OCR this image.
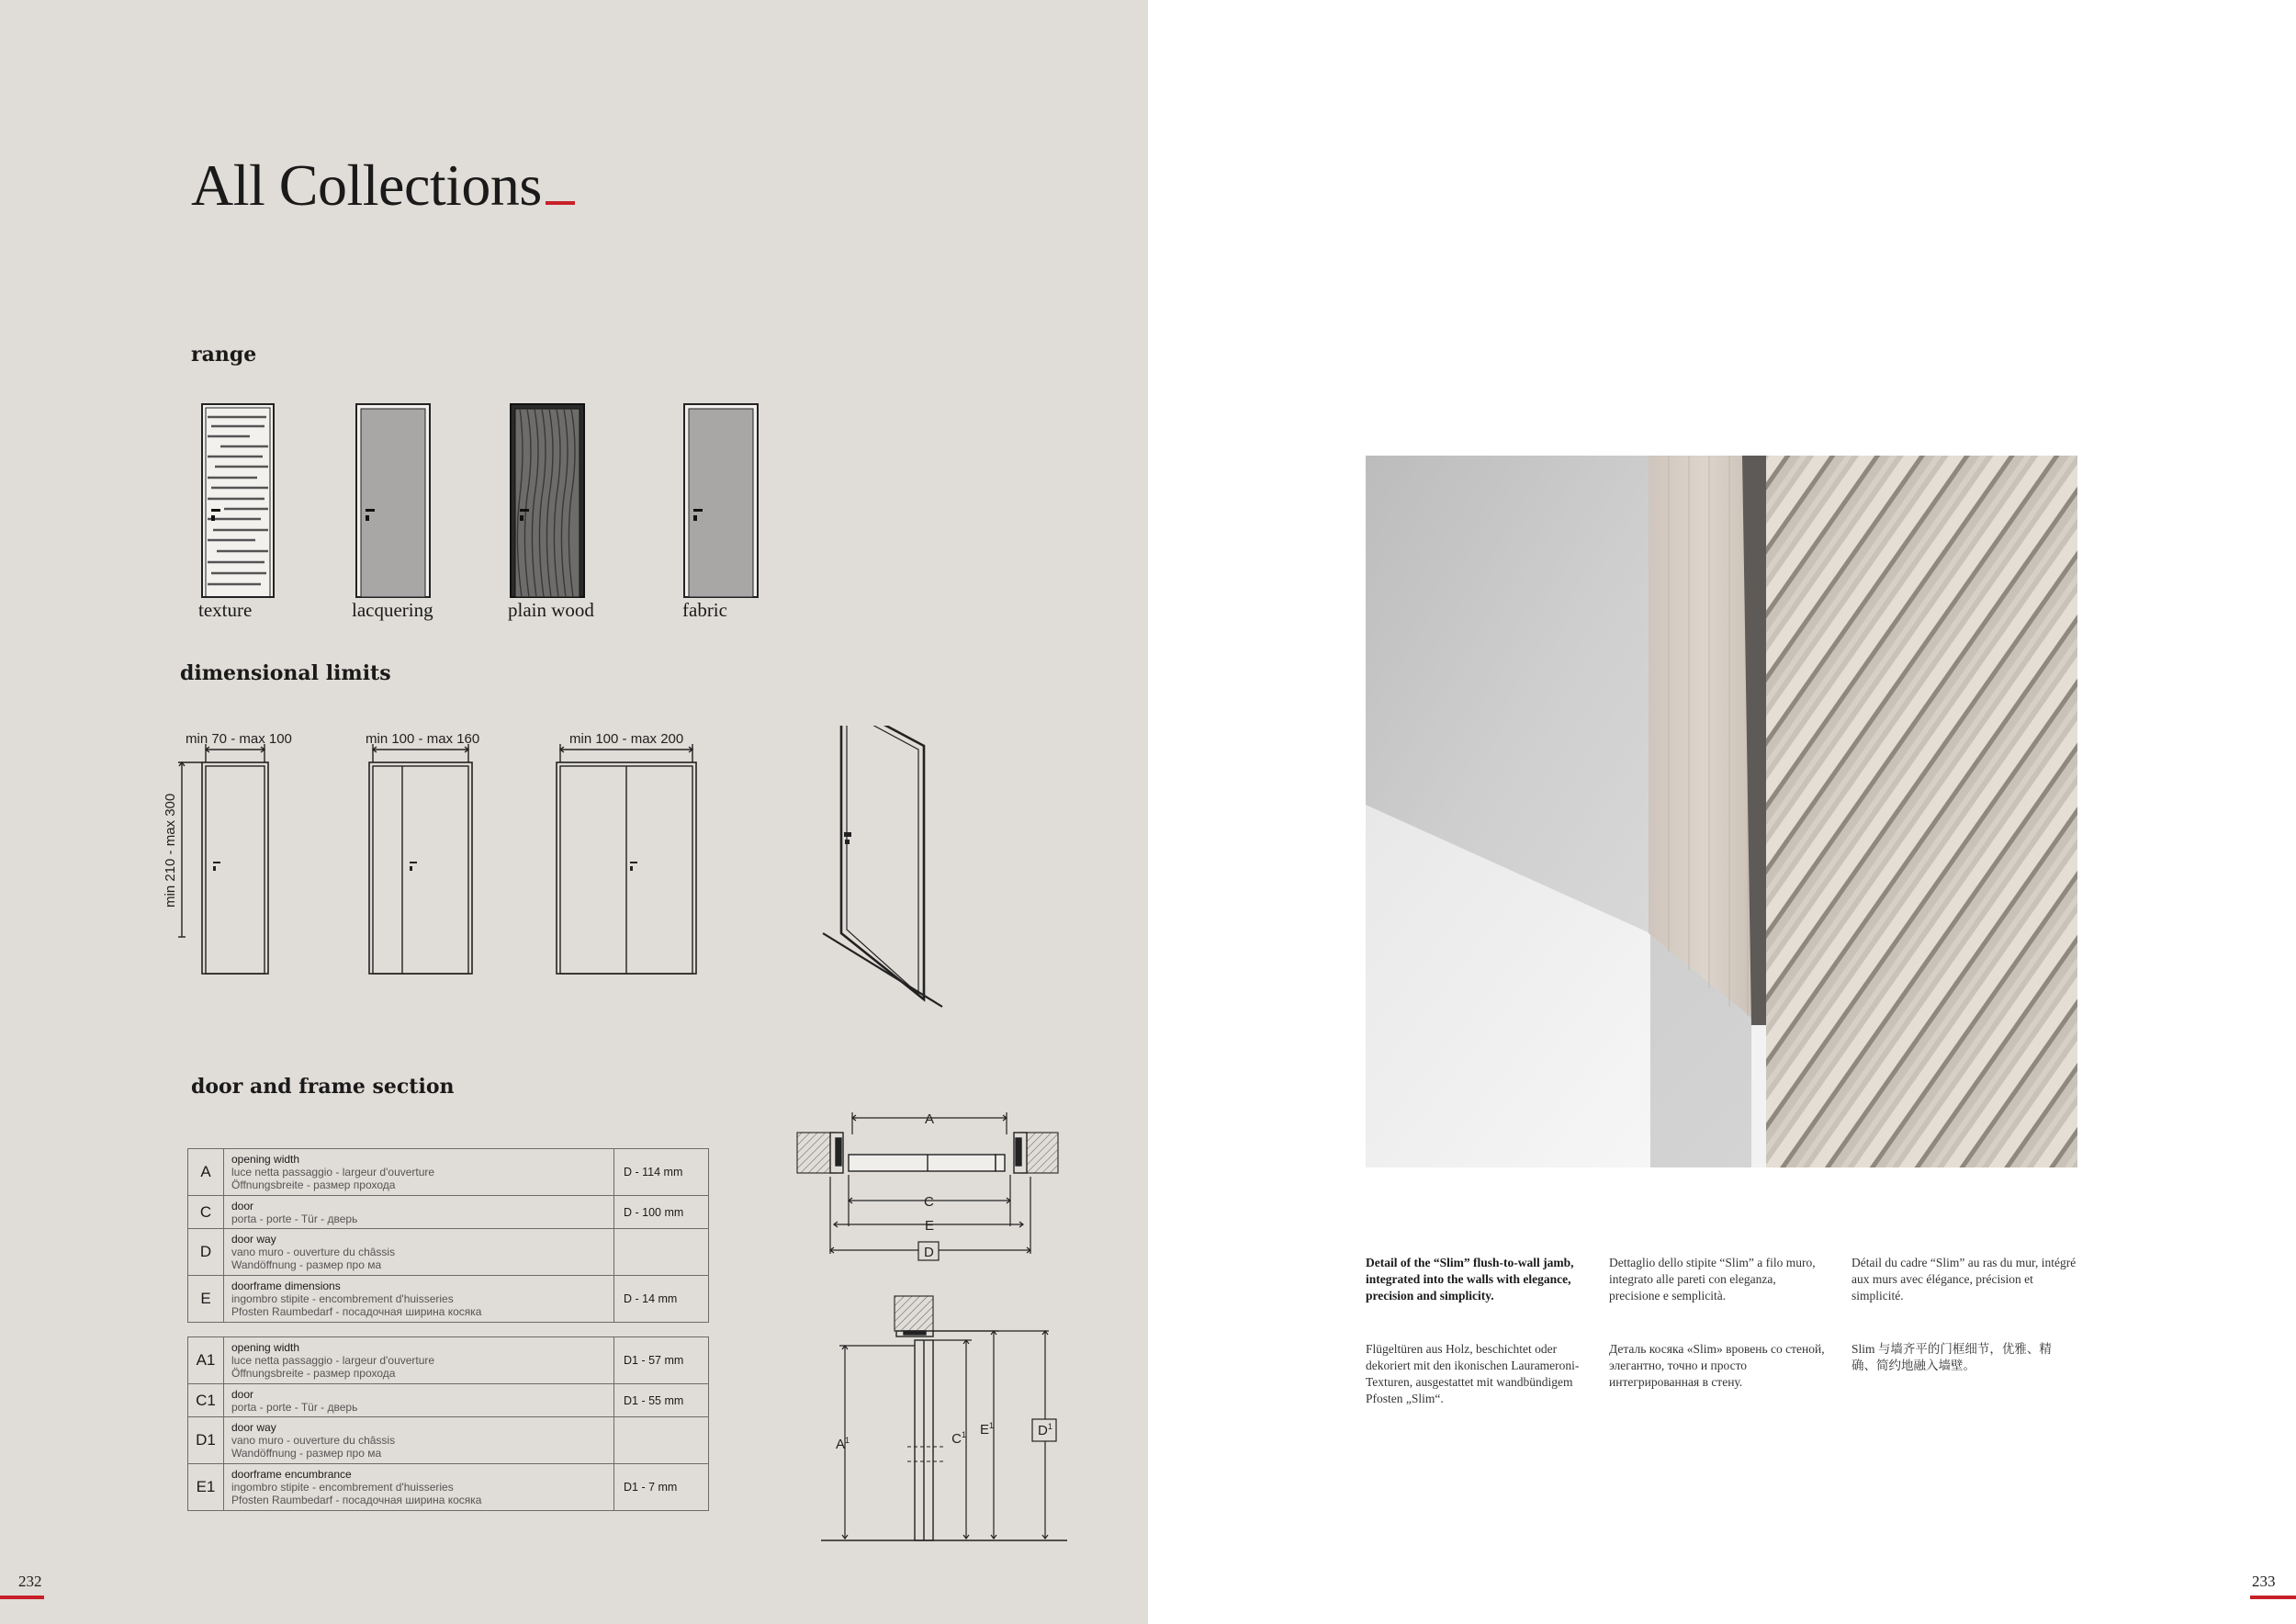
All Collections
range
texture	lacquering	plain wood	fabric
dimensional limits
min 70 - max 100	min 100 - max 160	min 100 - max 200
min 210 - max 300
door and frame section
A	opening width
luce netta passaggio - largeur d'ouverture
Öffnungsbreite - размер прохода	D - 114 mm
C	door
porta - porte - Tür - дверь	D - 100 mm
D	door way
vano muro - ouverture du châssis
Wandöffnung - размер про ма	

E	doorframe dimensions
ingombro stipite - encombrement d'huisseries
Pfosten Raumbedarf - посадочная ширина косяка	D - 14 mm
A1	opening width
luce netta passaggio - largeur d'ouverture
Öffnungsbreite - размер прохода	D1 - 57 mm
C1	door
porta - porte - Tür - дверь	D1 - 55 mm
D1	door way
vano muro - ouverture du châssis
Wandöffnung - размер про ма	

E1	doorframe encumbrance
ingombro stipite - encombrement d'huisseries
Pfosten Raumbedarf - посадочная ширина косяка	D1 - 7 mm
A
C
E
D
$A^1$	$C^1$ $E^1$	$D^1$
232
Detail of the “Slim” flush-to-wall jamb, integrated into the walls with elegance, precision and simplicity.
Dettaglio dello stipite “Slim” a filo muro, integrato alle pareti con eleganza, precisione e semplicità.
Détail du cadre “Slim” au ras du mur, intégré aux murs avec élégance, précision et simplicité.
Flügeltüren aus Holz, beschichtet oder dekoriert mit den ikonischen Laurameroni-Texturen, ausgestattet mit wandbündigem Pfosten „Slim“.
Деталь косяка «Slim» вровень со стеной, элегантно, точно и просто интегрированная в стену.
Slim 与墙齐平的门框细节，优雅、精确、简约地融入墙壁。
233
